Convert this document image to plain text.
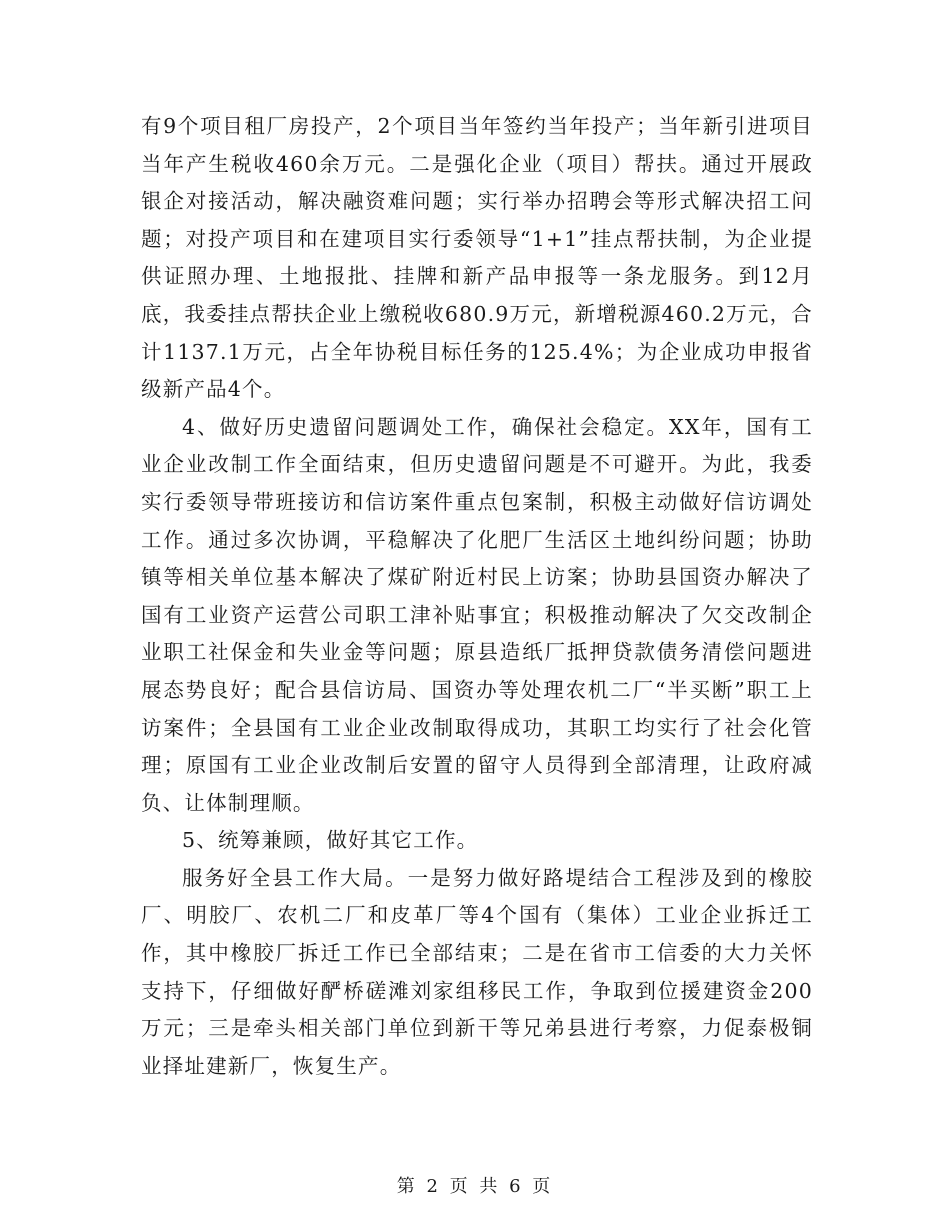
有9个项目租厂房投产，2个项目当年签约当年投产；当年新引进项目当年产生税收460余万元。二是强化企业（项目）帮扶。通过开展政银企对接活动，解决融资难问题；实行举办招聘会等形式解决招工问题；对投产项目和在建项目实行委领导“1+1”挂点帮扶制，为企业提供证照办理、土地报批、挂牌和新产品申报等一条龙服务。到12月底，我委挂点帮扶企业上缴税收680.9万元，新增税源460.2万元，合计1137.1万元，占全年协税目标任务的125.4%；为企业成功申报省级新产品4个。

4、做好历史遗留问题调处工作，确保社会稳定。XX年，国有工业企业改制工作全面结束，但历史遗留问题是不可避开。为此，我委实行委领导带班接访和信访案件重点包案制，积极主动做好信访调处工作。通过多次协调，平稳解决了化肥厂生活区土地纠纷问题；协助镇等相关单位基本解决了煤矿附近村民上访案；协助县国资办解决了国有工业资产运营公司职工津补贴事宜；积极推动解决了欠交改制企业职工社保金和失业金等问题；原县造纸厂抵押贷款债务清偿问题进展态势良好；配合县信访局、国资办等处理农机二厂“半买断”职工上访案件；全县国有工业企业改制取得成功，其职工均实行了社会化管理；原国有工业企业改制后安置的留守人员得到全部清理，让政府减负、让体制理顺。

5、统筹兼顾，做好其它工作。

服务好全县工作大局。一是努力做好路堤结合工程涉及到的橡胶厂、明胶厂、农机二厂和皮革厂等4个国有（集体）工业企业拆迁工作，其中橡胶厂拆迁工作已全部结束；二是在省市工信委的大力关怀支持下，仔细做好酽桥磋滩刘家组移民工作，争取到位援建资金200万元；三是牵头相关部门单位到新干等兄弟县进行考察，力促泰极铜业择址建新厂，恢复生产。

第 2 页 共 6 页
